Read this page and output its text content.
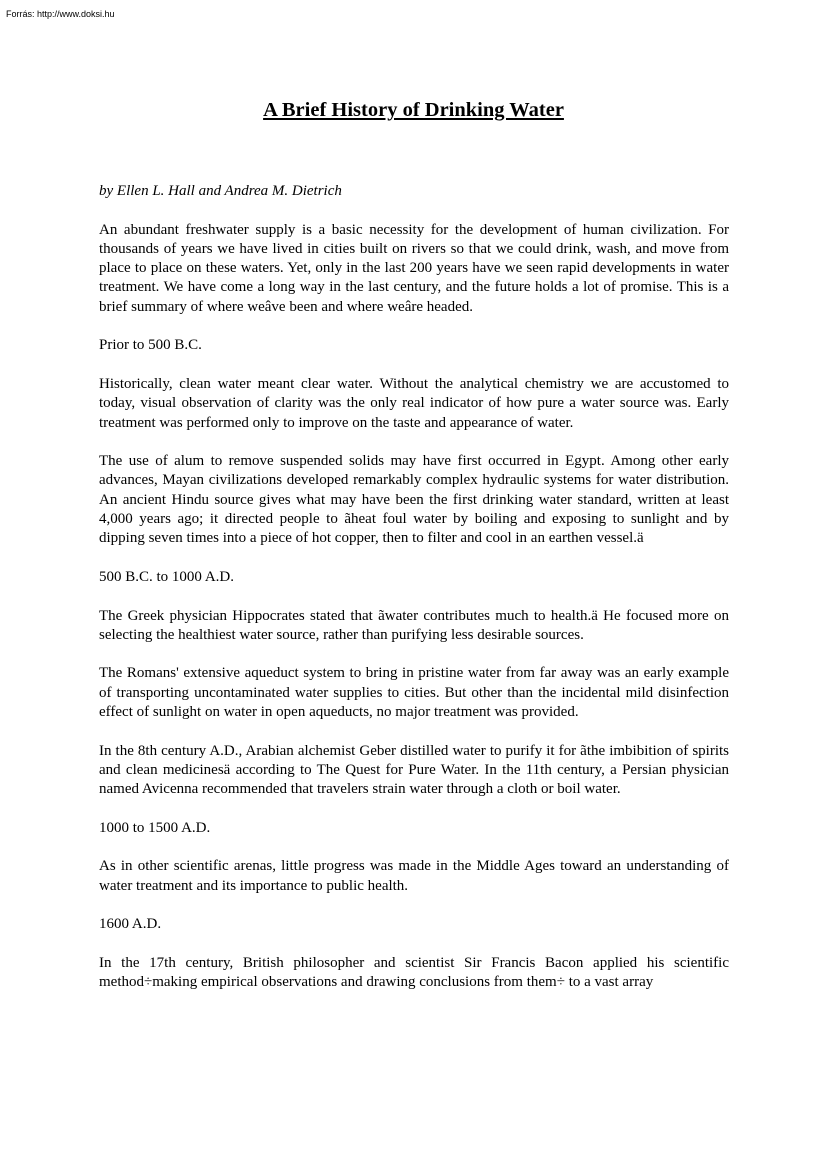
Forrás: http://www.doksi.hu
A Brief History of Drinking Water

by Ellen L. Hall and Andrea M. Dietrich

An abundant freshwater supply is a basic necessity for the development of human civilization. For thousands of years we have lived in cities built on rivers so that we could drink, wash, and move from place to place on these waters. Yet, only in the last 200 years have we seen rapid developments in water treatment. We have come a long way in the last century, and the future holds a lot of promise. This is a brief summary of where weâve been and where weâre headed.

Prior to 500 B.C.

Historically, clean water meant clear water. Without the analytical chemistry we are accustomed to today, visual observation of clarity was the only real indicator of how pure a water source was. Early treatment was performed only to improve on the taste and appearance of water.

The use of alum to remove suspended solids may have first occurred in Egypt. Among other early advances, Mayan civilizations developed remarkably complex hydraulic systems for water distribution. An ancient Hindu source gives what may have been the first drinking water standard, written at least 4,000 years ago; it directed people to ãheat foul water by boiling and exposing to sunlight and by dipping seven times into a piece of hot copper, then to filter and cool in an earthen vessel.ä

500 B.C. to 1000 A.D.

The Greek physician Hippocrates stated that ãwater contributes much to health.ä He focused more on selecting the healthiest water source, rather than purifying less desirable sources.

The Romans' extensive aqueduct system to bring in pristine water from far away was an early example of transporting uncontaminated water supplies to cities. But other than the incidental mild disinfection effect of sunlight on water in open aqueducts, no major treatment was provided.

In the 8th century A.D., Arabian alchemist Geber distilled water to purify it for ãthe imbibition of spirits and clean medicinesä according to The Quest for Pure Water. In the 11th century, a Persian physician named Avicenna recommended that travelers strain water through a cloth or boil water.

1000 to 1500 A.D.

As in other scientific arenas, little progress was made in the Middle Ages toward an understanding of water treatment and its importance to public health.

1600 A.D.

In the 17th century, British philosopher and scientist Sir Francis Bacon applied his scientific method÷making empirical observations and drawing conclusions from them÷ to a vast array
